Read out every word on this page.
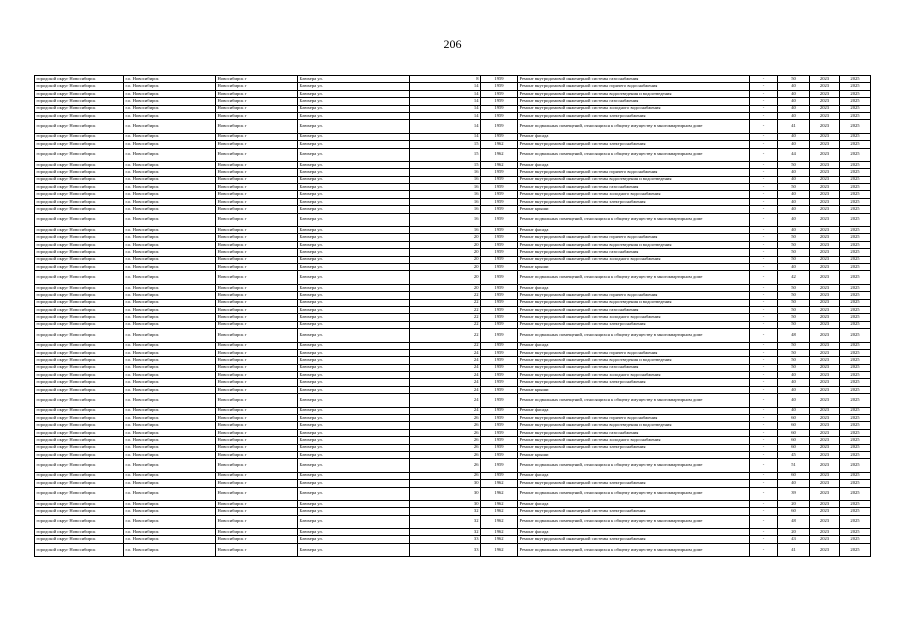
206
городской округ Новосибирск	г.о. Новосибирск	Новосибирск г	Блюхера ул.	8	1959	Ремонт внутридомовой инженерной системы газоснабжения	-	50	2023	2025
городской округ Новосибирск	г.о. Новосибирск	Новосибирск г	Блюхера ул.	14	1959	Ремонт внутридомовой инженерной системы горячего водоснабжения	-	40	2023	2025
городской округ Новосибирск	г.о. Новосибирск	Новосибирск г	Блюхера ул.	14	1959	Ремонт внутридомовой инженерной системы водоотведения и водоотведения	-	40	2023	2025
городской округ Новосибирск	г.о. Новосибирск	Новосибирск г	Блюхера ул.	14	1959	Ремонт внутридомовой инженерной системы газоснабжения	-	40	2023	2025
городской округ Новосибирск	г.о. Новосибирск	Новосибирск г	Блюхера ул.	14	1959	Ремонт внутридомовой инженерной системы холодного водоснабжения	-	40	2023	2025
городской округ Новосибирск	г.о. Новосибирск	Новосибирск г	Блюхера ул.	14	1959	Ремонт внутридомовой инженерной системы электроснабжения	-	40	2023	2025
городской округ Новосибирск	г.о. Новосибирск	Новосибирск г	Блюхера ул.	14	1959	Ремонт подвальных помещений, относящихся к общему имуществу в многоквартирном доме	-	41	2023	2025
городской округ Новосибирск	г.о. Новосибирск	Новосибирск г	Блюхера ул.	14	1959	Ремонт фасада	-	40	2023	2025
городской округ Новосибирск	г.о. Новосибирск	Новосибирск г	Блюхера ул.	15	1962	Ремонт внутридомовой инженерной системы электроснабжения	-	40	2023	2025
городской округ Новосибирск	г.о. Новосибирск	Новосибирск г	Блюхера ул.	15	1962	Ремонт подвальных помещений, относящихся к общему имуществу в многоквартирном доме	-	44	2023	2025
городской округ Новосибирск	г.о. Новосибирск	Новосибирск г	Блюхера ул.	15	1962	Ремонт фасада	-	50	2023	2025
городской округ Новосибирск	г.о. Новосибирск	Новосибирск г	Блюхера ул.	16	1959	Ремонт внутридомовой инженерной системы горячего водоснабжения	-	40	2023	2025
городской округ Новосибирск	г.о. Новосибирск	Новосибирск г	Блюхера ул.	16	1959	Ремонт внутридомовой инженерной системы водоотведения и водоотведения	-	40	2023	2025
городской округ Новосибирск	г.о. Новосибирск	Новосибирск г	Блюхера ул.	16	1959	Ремонт внутридомовой инженерной системы газоснабжения	-	50	2023	2025
городской округ Новосибирск	г.о. Новосибирск	Новосибирск г	Блюхера ул.	16	1959	Ремонт внутридомовой инженерной системы холодного водоснабжения	-	40	2023	2025
городской округ Новосибирск	г.о. Новосибирск	Новосибирск г	Блюхера ул.	16	1959	Ремонт внутридомовой инженерной системы электроснабжения	-	40	2023	2025
городской округ Новосибирск	г.о. Новосибирск	Новосибирск г	Блюхера ул.	16	1959	Ремонт крыши	-	40	2023	2025
городской округ Новосибирск	г.о. Новосибирск	Новосибирск г	Блюхера ул.	16	1959	Ремонт подвальных помещений, относящихся к общему имуществу в многоквартирном доме	-	40	2023	2025
городской округ Новосибирск	г.о. Новосибирск	Новосибирск г	Блюхера ул.	16	1959	Ремонт фасада	-	40	2023	2025
городской округ Новосибирск	г.о. Новосибирск	Новосибирск г	Блюхера ул.	20	1959	Ремонт внутридомовой инженерной системы горячего водоснабжения	-	50	2023	2025
городской округ Новосибирск	г.о. Новосибирск	Новосибирск г	Блюхера ул.	20	1959	Ремонт внутридомовой инженерной системы водоотведения и водоотведения	-	50	2023	2025
городской округ Новосибирск	г.о. Новосибирск	Новосибирск г	Блюхера ул.	20	1959	Ремонт внутридомовой инженерной системы газоснабжения	-	50	2023	2025
городской округ Новосибирск	г.о. Новосибирск	Новосибирск г	Блюхера ул.	20	1959	Ремонт внутридомовой инженерной системы холодного водоснабжения	-	50	2023	2025
городской округ Новосибирск	г.о. Новосибирск	Новосибирск г	Блюхера ул.	20	1959	Ремонт крыши	-	40	2023	2025
городской округ Новосибирск	г.о. Новосибирск	Новосибирск г	Блюхера ул.	20	1959	Ремонт подвальных помещений, относящихся к общему имуществу в многоквартирном доме	-	42	2023	2025
городской округ Новосибирск	г.о. Новосибирск	Новосибирск г	Блюхера ул.	20	1959	Ремонт фасада	-	50	2023	2025
городской округ Новосибирск	г.о. Новосибирск	Новосибирск г	Блюхера ул.	22	1959	Ремонт внутридомовой инженерной системы горячего водоснабжения	-	50	2023	2025
городской округ Новосибирск	г.о. Новосибирск	Новосибирск г	Блюхера ул.	22	1959	Ремонт внутридомовой инженерной системы водоотведения и водоотведения	-	50	2023	2025
городской округ Новосибирск	г.о. Новосибирск	Новосибирск г	Блюхера ул.	22	1959	Ремонт внутридомовой инженерной системы газоснабжения	-	50	2023	2025
городской округ Новосибирск	г.о. Новосибирск	Новосибирск г	Блюхера ул.	22	1959	Ремонт внутридомовой инженерной системы холодного водоснабжения	-	50	2023	2025
городской округ Новосибирск	г.о. Новосибирск	Новосибирск г	Блюхера ул.	22	1959	Ремонт внутридомовой инженерной системы электроснабжения	-	50	2023	2025
городской округ Новосибирск	г.о. Новосибирск	Новосибирск г	Блюхера ул.	22	1959	Ремонт подвальных помещений, относящихся к общему имуществу в многоквартирном доме	-	48	2023	2025
городской округ Новосибирск	г.о. Новосибирск	Новосибирск г	Блюхера ул.	22	1959	Ремонт фасада	-	50	2023	2025
городской округ Новосибирск	г.о. Новосибирск	Новосибирск г	Блюхера ул.	24	1959	Ремонт внутридомовой инженерной системы горячего водоснабжения	-	50	2023	2025
городской округ Новосибирск	г.о. Новосибирск	Новосибирск г	Блюхера ул.	24	1959	Ремонт внутридомовой инженерной системы водоотведения и водоотведения	-	50	2023	2025
городской округ Новосибирск	г.о. Новосибирск	Новосибирск г	Блюхера ул.	24	1959	Ремонт внутридомовой инженерной системы газоснабжения	-	50	2023	2025
городской округ Новосибирск	г.о. Новосибирск	Новосибирск г	Блюхера ул.	24	1959	Ремонт внутридомовой инженерной системы холодного водоснабжения	-	40	2023	2025
городской округ Новосибирск	г.о. Новосибирск	Новосибирск г	Блюхера ул.	24	1959	Ремонт внутридомовой инженерной системы электроснабжения	-	40	2023	2025
городской округ Новосибирск	г.о. Новосибирск	Новосибирск г	Блюхера ул.	24	1959	Ремонт крыши	-	40	2023	2025
городской округ Новосибирск	г.о. Новосибирск	Новосибирск г	Блюхера ул.	24	1959	Ремонт подвальных помещений, относящихся к общему имуществу в многоквартирном доме	-	40	2023	2025
городской округ Новосибирск	г.о. Новосибирск	Новосибирск г	Блюхера ул.	24	1959	Ремонт фасада	-	40	2023	2025
городской округ Новосибирск	г.о. Новосибирск	Новосибирск г	Блюхера ул.	26	1959	Ремонт внутридомовой инженерной системы горячего водоснабжения	-	60	2023	2025
городской округ Новосибирск	г.о. Новосибирск	Новосибирск г	Блюхера ул.	26	1959	Ремонт внутридомовой инженерной системы водоотведения и водоотведения	-	60	2023	2025
городской округ Новосибирск	г.о. Новосибирск	Новосибирск г	Блюхера ул.	26	1959	Ремонт внутридомовой инженерной системы газоснабжения	-	60	2023	2025
городской округ Новосибирск	г.о. Новосибирск	Новосибирск г	Блюхера ул.	26	1959	Ремонт внутридомовой инженерной системы холодного водоснабжения	-	60	2023	2025
городской округ Новосибирск	г.о. Новосибирск	Новосибирск г	Блюхера ул.	26	1959	Ремонт внутридомовой инженерной системы электроснабжения	-	60	2023	2025
городской округ Новосибирск	г.о. Новосибирск	Новосибирск г	Блюхера ул.	26	1959	Ремонт крыши	-	45	2023	2025
городской округ Новосибирск	г.о. Новосибирск	Новосибирск г	Блюхера ул.	26	1959	Ремонт подвальных помещений, относящихся к общему имуществу в многоквартирном доме	-	51	2023	2025
городской округ Новосибирск	г.о. Новосибирск	Новосибирск г	Блюхера ул.	26	1959	Ремонт фасада	-	60	2023	2025
городской округ Новосибирск	г.о. Новосибирск	Новосибирск г	Блюхера ул.	30	1962	Ремонт внутридомовой инженерной системы электроснабжения	-	40	2023	2025
городской округ Новосибирск	г.о. Новосибирск	Новосибирск г	Блюхера ул.	30	1962	Ремонт подвальных помещений, относящихся к общему имуществу в многоквартирном доме	-	39	2023	2025
городской округ Новосибирск	г.о. Новосибирск	Новосибирск г	Блюхера ул.	30	1962	Ремонт фасада	-	20	2023	2025
городской округ Новосибирск	г.о. Новосибирск	Новосибирск г	Блюхера ул.	32	1962	Ремонт внутридомовой инженерной системы электроснабжения	-	60	2023	2025
городской округ Новосибирск	г.о. Новосибирск	Новосибирск г	Блюхера ул.	32	1962	Ремонт подвальных помещений, относящихся к общему имуществу в многоквартирном доме	-	48	2023	2025
городской округ Новосибирск	г.о. Новосибирск	Новосибирск г	Блюхера ул.	32	1962	Ремонт фасада	-	20	2023	2025
городской округ Новосибирск	г.о. Новосибирск	Новосибирск г	Блюхера ул.	33	1962	Ремонт внутридомовой инженерной системы электроснабжения	-	43	2023	2025
городской округ Новосибирск	г.о. Новосибирск	Новосибирск г	Блюхера ул.	33	1962	Ремонт подвальных помещений, относящихся к общему имуществу в многоквартирном доме	-	41	2023	2025
